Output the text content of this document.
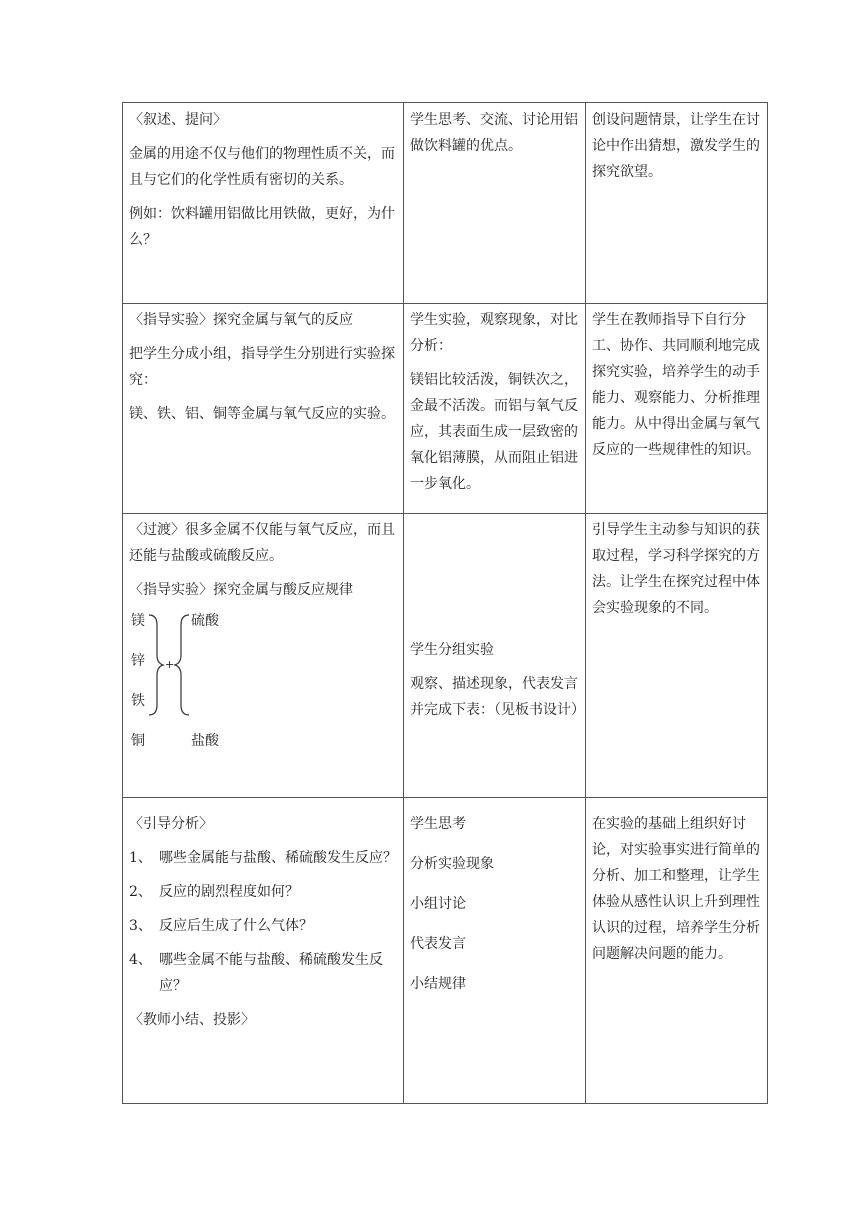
〈叙述、提问〉

金属的用途不仅与他们的物理性质不关，而且与它们的化学性质有密切的关系。

例如：饮料罐用铝做比用铁做，更好，为什么？

学生思考、交流、讨论用铝做饮料罐的优点。

创设问题情景，让学生在讨论中作出猜想，激发学生的探究欲望。

〈指导实验〉探究金属与氧气的反应

把学生分成小组，指导学生分别进行实验探究：

镁、铁、铝、铜等金属与氧气反应的实验。

学生实验，观察现象，对比分析：

镁铝比较活泼，铜铁次之，金最不活泼。而铝与氧气反应，其表面生成一层致密的氧化铝薄膜，从而阻止铝进一步氧化。

学生在教师指导下自行分工、协作、共同顺利地完成探究实验，培养学生的动手能力、观察能力、分析推理能力。从中得出金属与氧气反应的一些规律性的知识。

〈过渡〉很多金属不仅能与氧气反应，而且还能与盐酸或硫酸反应。

〈指导实验〉探究金属与酸反应规律

镁
锌
铁
铜
+
硫酸
盐酸

学生分组实验

观察、描述现象，代表发言并完成下表：（见板书设计）

引导学生主动参与知识的获取过程，学习科学探究的方法。让学生在探究过程中体会实验现象的不同。

〈引导分析〉

1、 哪些金属能与盐酸、稀硫酸发生反应？
2、 反应的剧烈程度如何？
3、 反应后生成了什么气体？
4、 哪些金属不能与盐酸、稀硫酸发生反应？

〈教师小结、投影〉

学生思考

分析实验现象

小组讨论

代表发言

小结规律

在实验的基础上组织好讨论，对实验事实进行简单的分析、加工和整理，让学生体验从感性认识上升到理性认识的过程，培养学生分析问题解决问题的能力。
